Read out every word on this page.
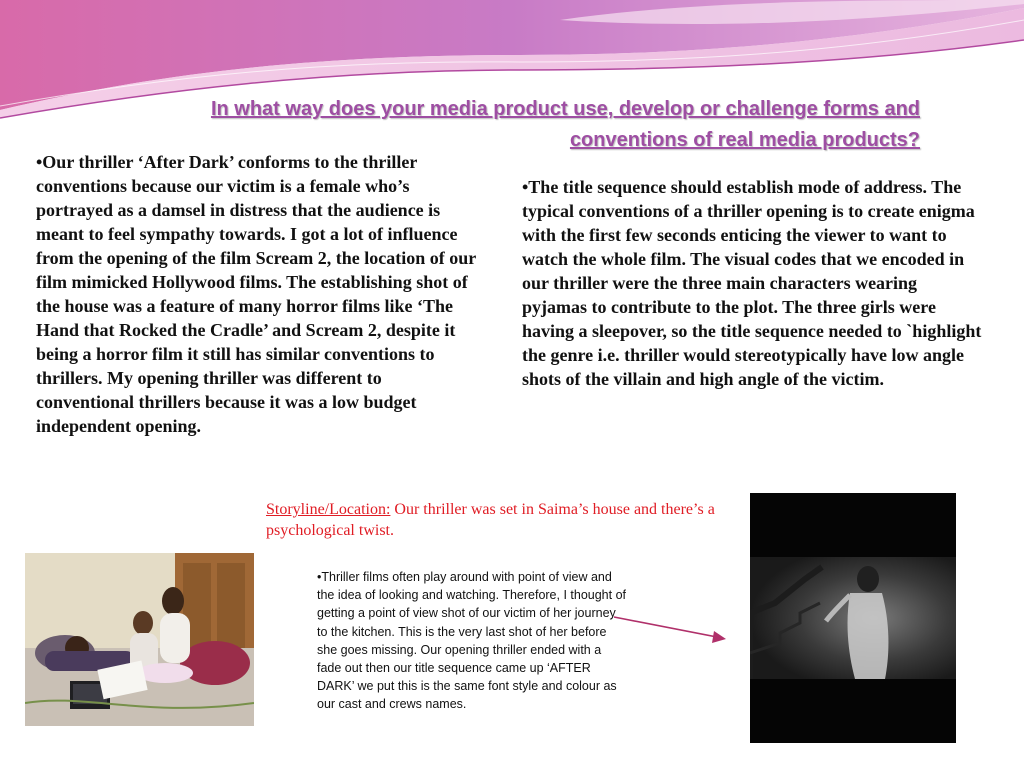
In what way does your media product use, develop or challenge forms and conventions of real media products?

•Our thriller ‘After Dark’ conforms to the thriller conventions because our victim is a female who’s portrayed as a damsel in distress that the audience is meant to feel sympathy towards. I got a lot of influence from the opening of the film Scream 2, the location of our film mimicked Hollywood films. The establishing shot of the house was a feature of many horror films like ‘The Hand that Rocked the Cradle’ and Scream 2, despite it being a horror film it still has similar conventions to thrillers. My opening thriller was different to conventional thrillers because it was a low budget independent opening.

•The title sequence should establish mode of address. The typical conventions of a thriller opening is to create enigma with the first few seconds enticing the viewer to want to watch the whole film. The visual codes that we encoded in our thriller were the three main characters wearing pyjamas to contribute to the plot. The three girls were having a sleepover, so the title sequence needed to `highlight the genre i.e. thriller would stereotypically have low angle shots of the villain and high angle of the victim.

Storyline/Location: Our thriller was set in Saima’s house and there’s a psychological twist.

•Thriller films often play around with point of view and the idea of looking and watching. Therefore, I thought of getting a point of view shot of our victim of her journey to the kitchen. This is the very last shot of her before she goes missing. Our opening thriller ended with a fade out then our title sequence came up ‘AFTER DARK’ we put this is the same font style and colour as our cast and crews names.
